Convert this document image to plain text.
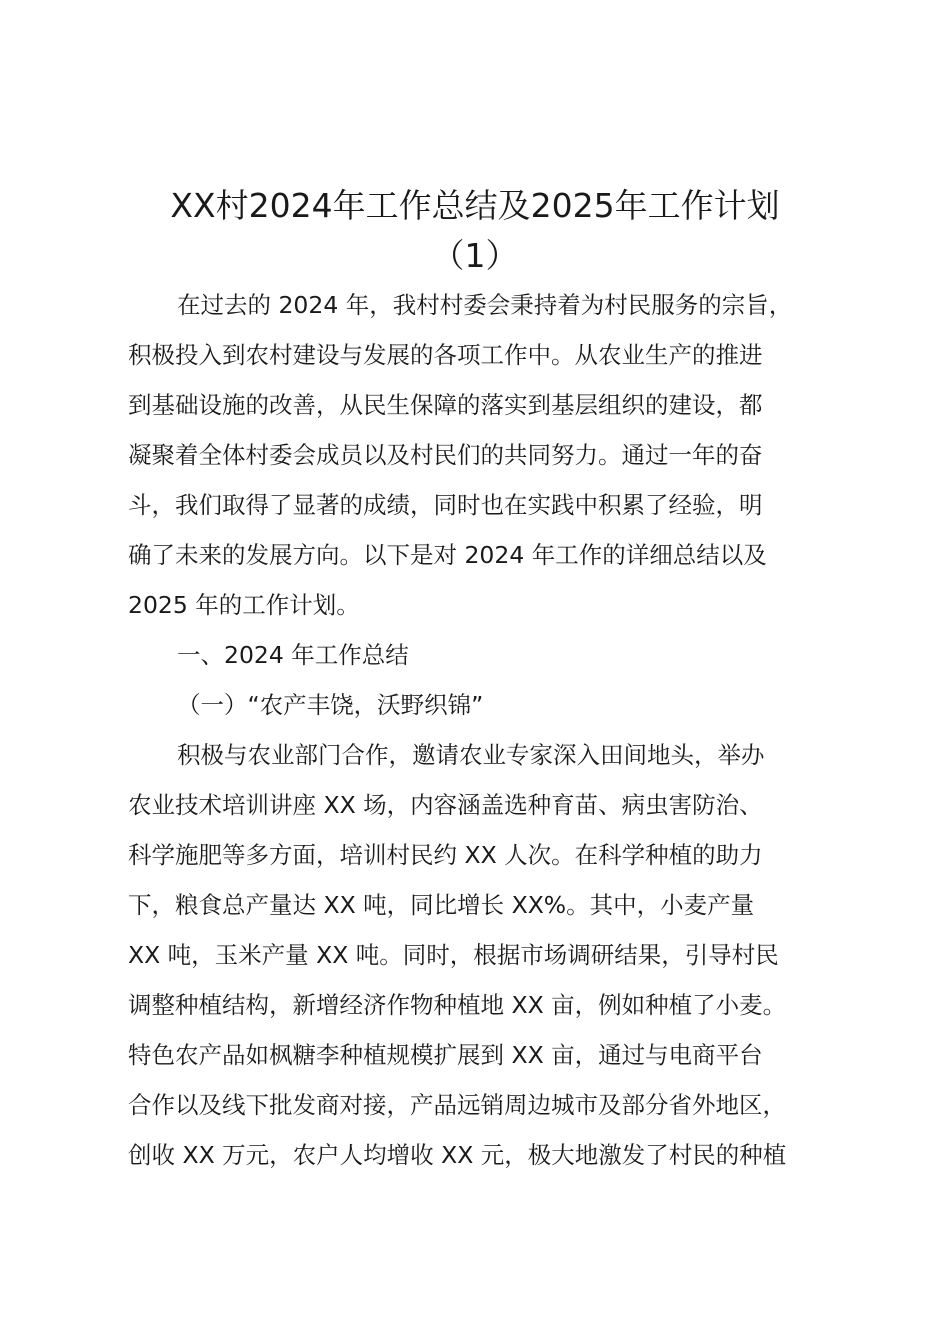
XX村2024年工作总结及2025年工作计划
（1）

在过去的 2024 年，我村村委会秉持着为村民服务的宗旨，

积极投入到农村建设与发展的各项工作中。从农业生产的推进

到基础设施的改善，从民生保障的落实到基层组织的建设，都

凝聚着全体村委会成员以及村民们的共同努力。通过一年的奋

斗，我们取得了显著的成绩，同时也在实践中积累了经验，明

确了未来的发展方向。以下是对 2024 年工作的详细总结以及

2025 年的工作计划。

一、2024 年工作总结

（一）“农产丰饶，沃野织锦”

积极与农业部门合作，邀请农业专家深入田间地头，举办

农业技术培训讲座 XX 场，内容涵盖选种育苗、病虫害防治、

科学施肥等多方面，培训村民约 XX 人次。在科学种植的助力

下，粮食总产量达 XX 吨，同比增长 XX%。其中，小麦产量

XX 吨，玉米产量 XX 吨。同时，根据市场调研结果，引导村民

调整种植结构，新增经济作物种植地 XX 亩，例如种植了小麦。

特色农产品如枫糖李种植规模扩展到 XX 亩，通过与电商平台

合作以及线下批发商对接，产品远销周边城市及部分省外地区，

创收 XX 万元，农户人均增收 XX 元，极大地激发了村民的种植
